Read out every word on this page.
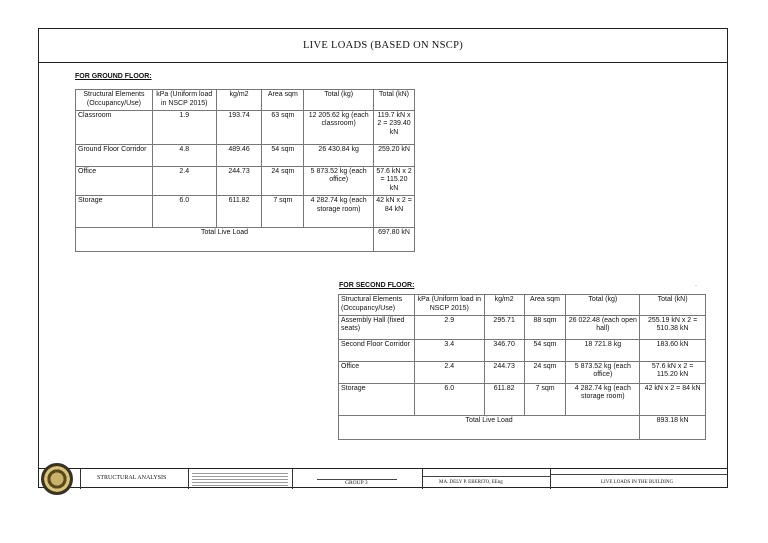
LIVE LOADS (BASED ON NSCP)
FOR GROUND FLOOR:
Structural Elements (Occupancy/Use)	kPa (Uniform load in NSCP 2015)	kg/m2	Area sqm	Total (kg)	Total (kN)
Classroom	1.9	193.74	63 sqm	12 205.62 kg (each classroom)	119.7 kN x 2 = 239.40 kN
Ground Floor Corridor	4.8	489.46	54 sqm	26 430.84 kg	259.20 kN
Office	2.4	244.73	24 sqm	5 873.52 kg (each office)	57.6 kN x 2 = 115.20 kN
Storage	6.0	611.82	7 sqm	4 282.74 kg (each storage room)	42 kN x 2 = 84 kN
Total Live Load					697.80 kN
FOR SECOND FLOOR:
Structural Elements (Occupancy/Use)	kPa (Uniform load in NSCP 2015)	kg/m2	Area sqm	Total (kg)	Total (kN)
Assembly Hall (fixed seats)	2.9	295.71	88 sqm	26 022.48 (each open hall)	255.19 kN x 2 = 510.38 kN
Second Floor Corridor	3.4	346.70	54 sqm	18 721.8 kg	183.60 kN
Office	2.4	244.73	24 sqm	5 873.52 kg (each office)	57.6 kN x 2 = 115.20 kN
Storage	6.0	611.82	7 sqm	4 282.74 kg (each storage room)	42 kN x 2 = 84 kN
Total Live Load					893.18 kN
STRUCTURAL ANALYSIS
GROUP 3	MA. DELY P. EBERITO, EEng	LIVE LOADS IN THE BUILDING
·
